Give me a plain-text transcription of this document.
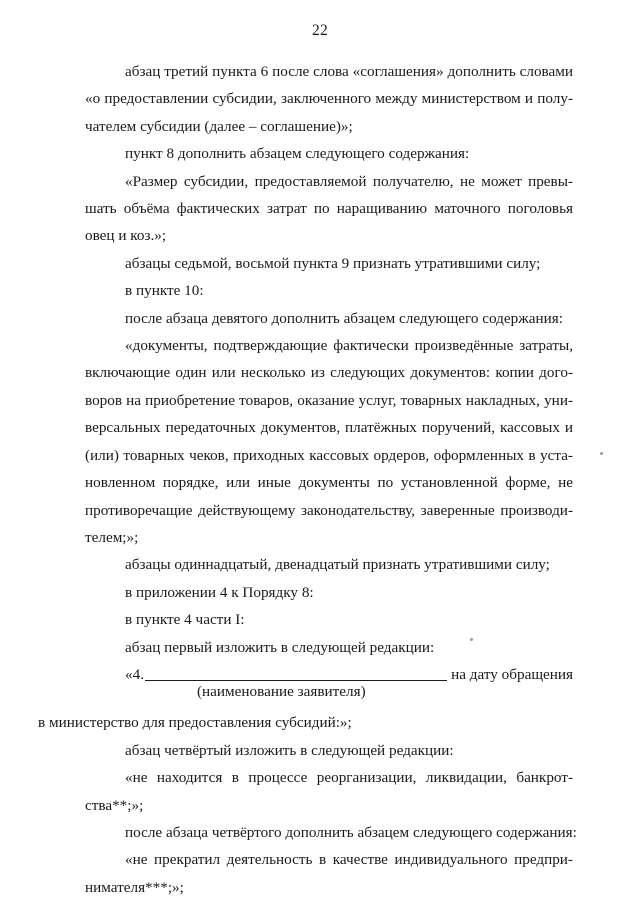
22
абзац третий пункта 6 после слова «соглашения» дополнить словами
«о предоставлении субсидии, заключенного между министерством и полу-
чателем субсидии (далее – соглашение)»;
пункт 8 дополнить абзацем следующего содержания:
«Размер субсидии, предоставляемой получателю, не может превы-
шать объёма фактических затрат по наращиванию маточного поголовья
овец и коз.»;
абзацы седьмой, восьмой пункта 9 признать утратившими силу;
в пункте 10:
после абзаца девятого дополнить абзацем следующего содержания:
«документы, подтверждающие фактически произведённые затраты,
включающие один или несколько из следующих документов: копии дого-
воров на приобретение товаров, оказание услуг, товарных накладных, уни-
версальных передаточных документов, платёжных поручений, кассовых и
(или) товарных чеков, приходных кассовых ордеров, оформленных в уста-
новленном порядке, или иные документы по установленной форме, не
противоречащие действующему законодательству, заверенные производи-
телем;»;
абзацы одиннадцатый, двенадцатый признать утратившими силу;
в приложении 4 к Порядку 8:
в пункте 4 части I:
абзац первый изложить в следующей редакции:
«4.	на дату обращения
(наименование заявителя)
в министерство для предоставления субсидий:»;
абзац четвёртый изложить в следующей редакции:
«не находится в процессе реорганизации, ликвидации, банкрот-
ства**;»;
после абзаца четвёртого дополнить абзацем следующего содержания:
«не прекратил деятельность в качестве индивидуального предпри-
нимателя***;»;
